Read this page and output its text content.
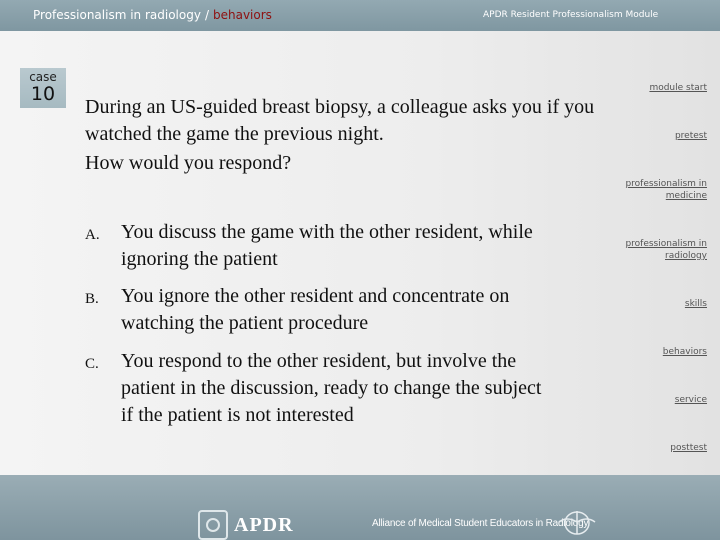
Professionalism in radiology / behaviors	APDR Resident Professionalism Module
case
10
During an US-guided breast biopsy, a colleague asks you if you watched the game the previous night.
How would you respond?
A. You discuss the game with the other resident, while ignoring the patient
B. You ignore the other resident and concentrate on watching the patient procedure
C. You respond to the other resident, but involve the patient in the discussion, ready to change the subject if the patient is not interested
module start
pretest
professionalism in medicine
professionalism in radiology
skills
behaviors
service
posttest
APDR	Alliance of Medical Student Educators in Radiology
